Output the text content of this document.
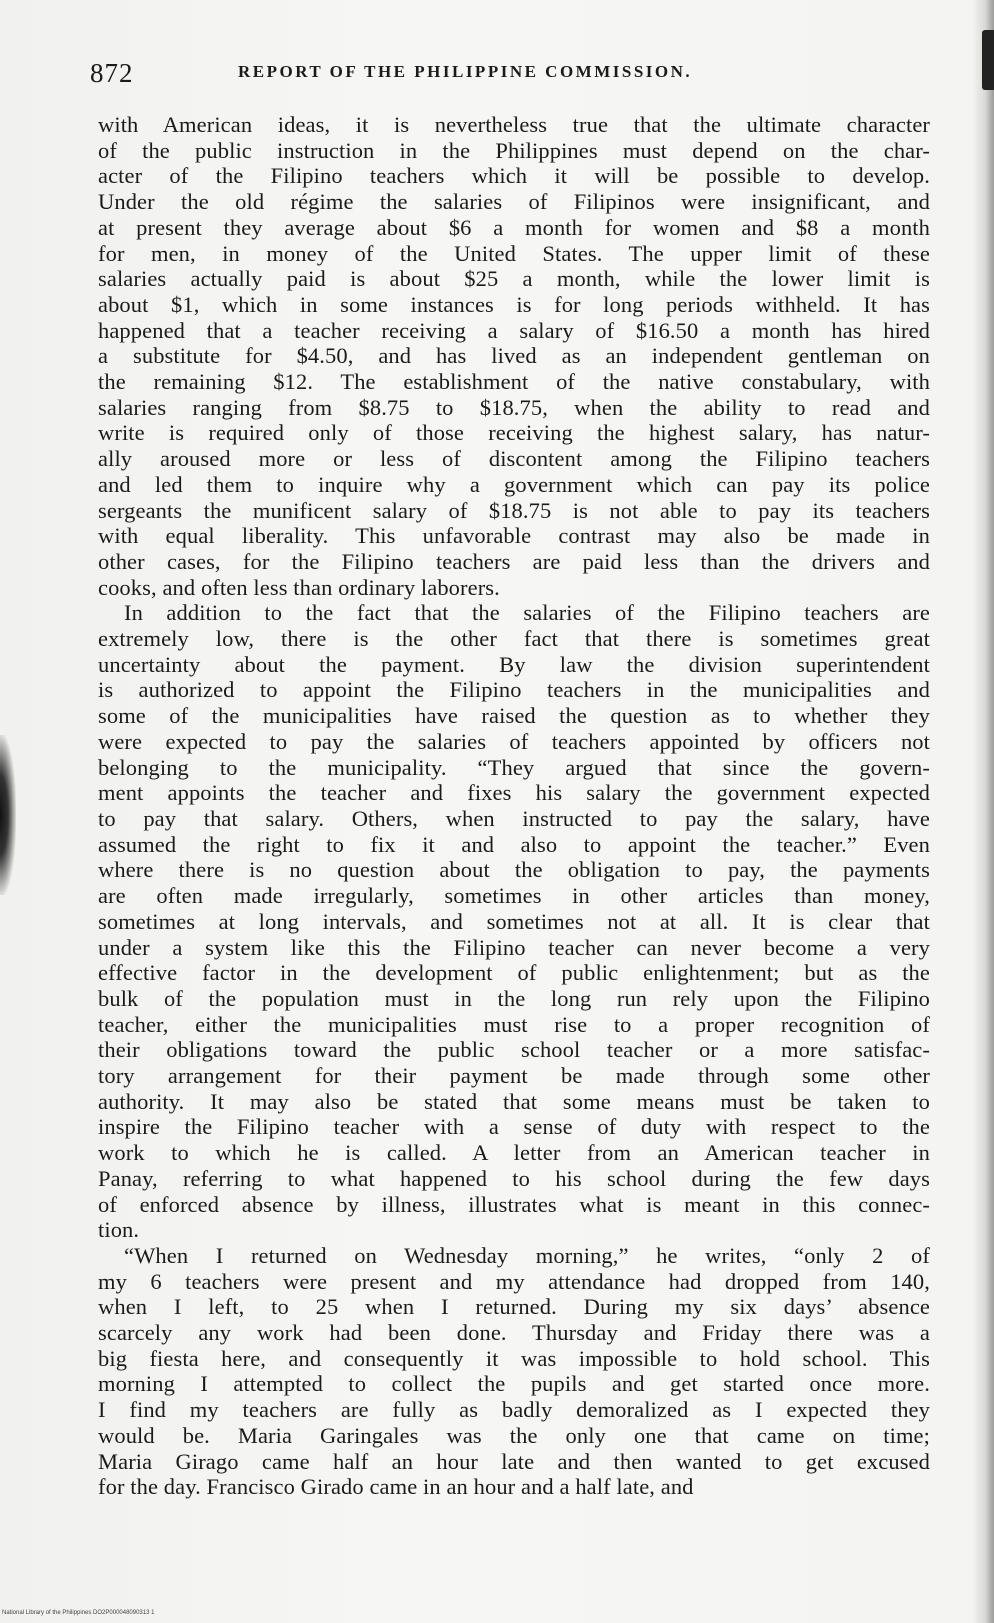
872	REPORT OF THE PHILIPPINE COMMISSION.
with American ideas, it is nevertheless true that the ultimate character
of the public instruction in the Philippines must depend on the char-
acter of the Filipino teachers which it will be possible to develop.
Under the old régime the salaries of Filipinos were insignificant, and
at present they average about $6 a month for women and $8 a month
for men, in money of the United States. The upper limit of these
salaries actually paid is about $25 a month, while the lower limit is
about $1, which in some instances is for long periods withheld. It has
happened that a teacher receiving a salary of $16.50 a month has hired
a substitute for $4.50, and has lived as an independent gentleman on
the remaining $12. The establishment of the native constabulary, with
salaries ranging from $8.75 to $18.75, when the ability to read and
write is required only of those receiving the highest salary, has natur-
ally aroused more or less of discontent among the Filipino teachers
and led them to inquire why a government which can pay its police
sergeants the munificent salary of $18.75 is not able to pay its teachers
with equal liberality. This unfavorable contrast may also be made in
other cases, for the Filipino teachers are paid less than the drivers and
cooks, and often less than ordinary laborers.
In addition to the fact that the salaries of the Filipino teachers are
extremely low, there is the other fact that there is sometimes great
uncertainty about the payment. By law the division superintendent
is authorized to appoint the Filipino teachers in the municipalities and
some of the municipalities have raised the question as to whether they
were expected to pay the salaries of teachers appointed by officers not
belonging to the municipality. “They argued that since the govern-
ment appoints the teacher and fixes his salary the government expected
to pay that salary. Others, when instructed to pay the salary, have
assumed the right to fix it and also to appoint the teacher.” Even
where there is no question about the obligation to pay, the payments
are often made irregularly, sometimes in other articles than money,
sometimes at long intervals, and sometimes not at all. It is clear that
under a system like this the Filipino teacher can never become a very
effective factor in the development of public enlightenment; but as the
bulk of the population must in the long run rely upon the Filipino
teacher, either the municipalities must rise to a proper recognition of
their obligations toward the public school teacher or a more satisfac-
tory arrangement for their payment be made through some other
authority. It may also be stated that some means must be taken to
inspire the Filipino teacher with a sense of duty with respect to the
work to which he is called. A letter from an American teacher in
Panay, referring to what happened to his school during the few days
of enforced absence by illness, illustrates what is meant in this connec-
tion.
“When I returned on Wednesday morning,” he writes, “only 2 of
my 6 teachers were present and my attendance had dropped from 140,
when I left, to 25 when I returned. During my six days’ absence
scarcely any work had been done. Thursday and Friday there was a
big fiesta here, and consequently it was impossible to hold school. This
morning I attempted to collect the pupils and get started once more.
I find my teachers are fully as badly demoralized as I expected they
would be. Maria Garingales was the only one that came on time;
Maria Girago came half an hour late and then wanted to get excused
for the day. Francisco Girado came in an hour and a half late, and
National Library of the Philippines DO2P000048090313 1
